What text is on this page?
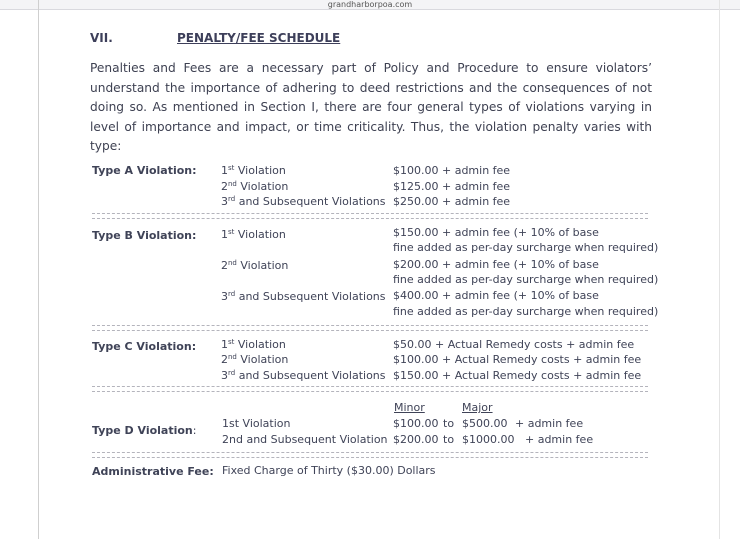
grandharborpoa.com
VII.	PENALTY/FEE SCHEDULE
Penalties and Fees are a necessary part of Policy and Procedure to ensure violators’ understand the importance of adhering to deed restrictions and the consequences of not doing so. As mentioned in Section I, there are four general types of violations varying in level of importance and impact, or time criticality. Thus, the violation penalty varies with type:
Type A Violation: 1st Violation	$100.00 + admin fee
2nd Violation	$125.00 + admin fee
3rd and Subsequent Violations $250.00 + admin fee
Type B Violation: 1st Violation	$150.00 + admin fee (+ 10% of base
fine added as per-day surcharge when required)
2nd Violation	$200.00 + admin fee (+ 10% of base
fine added as per-day surcharge when required)
3rd and Subsequent Violations $400.00 + admin fee (+ 10% of base
fine added as per-day surcharge when required)
Type C Violation: 1st Violation	$50.00 + Actual Remedy costs + admin fee
2nd Violation	$100.00 + Actual Remedy costs + admin fee
3rd and Subsequent Violations $150.00 + Actual Remedy costs + admin fee
Minor	Major
Type D Violation:
1st Violation	$100.00 to $500.00 + admin fee
2nd and Subsequent Violation $200.00 to $1000.00 + admin fee
Administrative Fee: Fixed Charge of Thirty ($30.00) Dollars
